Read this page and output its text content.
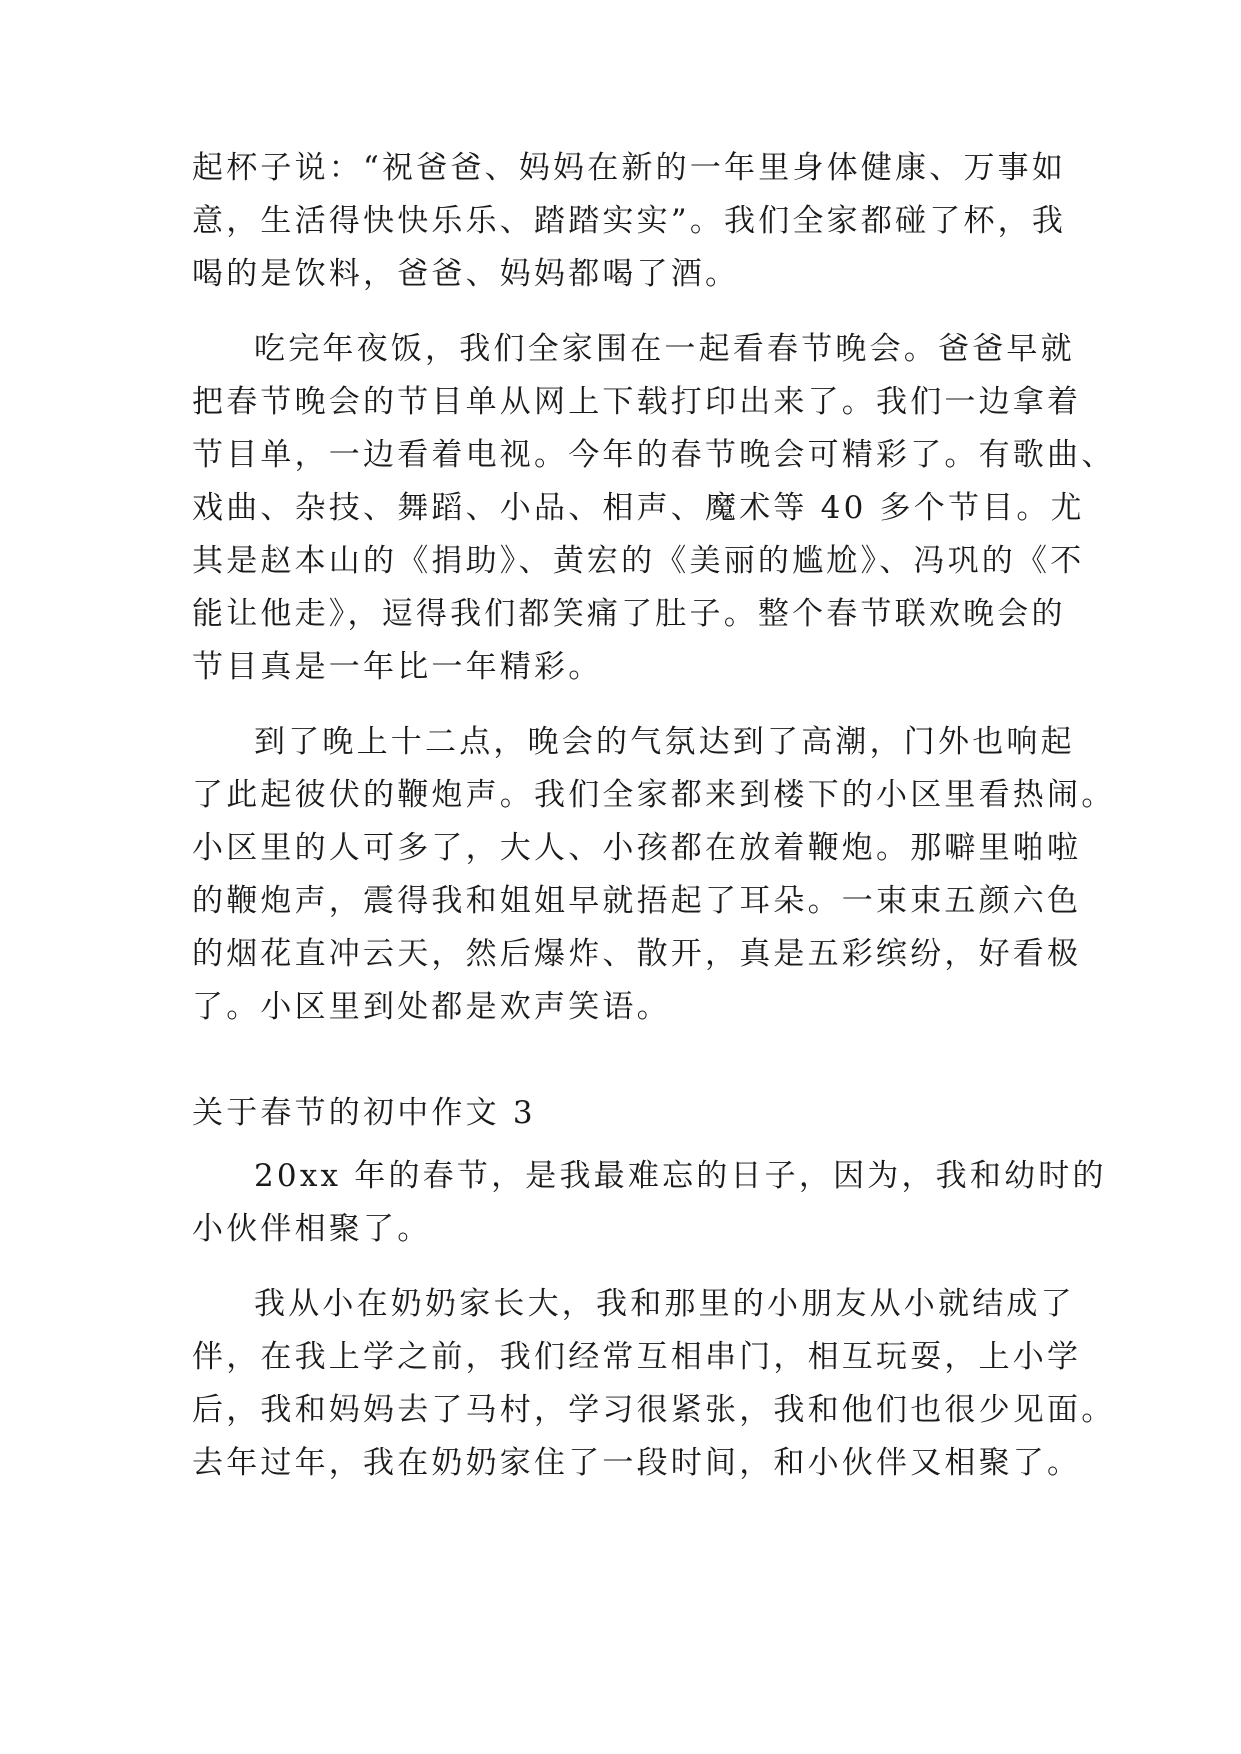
起杯子说：“祝爸爸、妈妈在新的一年里身体健康、万事如
意，生活得快快乐乐、踏踏实实”。我们全家都碰了杯，我
喝的是饮料，爸爸、妈妈都喝了酒。
吃完年夜饭，我们全家围在一起看春节晚会。爸爸早就
把春节晚会的节目单从网上下载打印出来了。我们一边拿着
节目单，一边看着电视。今年的春节晚会可精彩了。有歌曲、
戏曲、杂技、舞蹈、小品、相声、魔术等 40 多个节目。尤
其是赵本山的《捐助》、黄宏的《美丽的尴尬》、冯巩的《不
能让他走》，逗得我们都笑痛了肚子。整个春节联欢晚会的
节目真是一年比一年精彩。
到了晚上十二点，晚会的气氛达到了高潮，门外也响起
了此起彼伏的鞭炮声。我们全家都来到楼下的小区里看热闹。
小区里的人可多了，大人、小孩都在放着鞭炮。那噼里啪啦
的鞭炮声，震得我和姐姐早就捂起了耳朵。一束束五颜六色
的烟花直冲云天，然后爆炸、散开，真是五彩缤纷，好看极
了。小区里到处都是欢声笑语。
关于春节的初中作文 3
20xx 年的春节，是我最难忘的日子，因为，我和幼时的
小伙伴相聚了。
我从小在奶奶家长大，我和那里的小朋友从小就结成了
伴，在我上学之前，我们经常互相串门，相互玩耍，上小学
后，我和妈妈去了马村，学习很紧张，我和他们也很少见面。
去年过年，我在奶奶家住了一段时间，和小伙伴又相聚了。
